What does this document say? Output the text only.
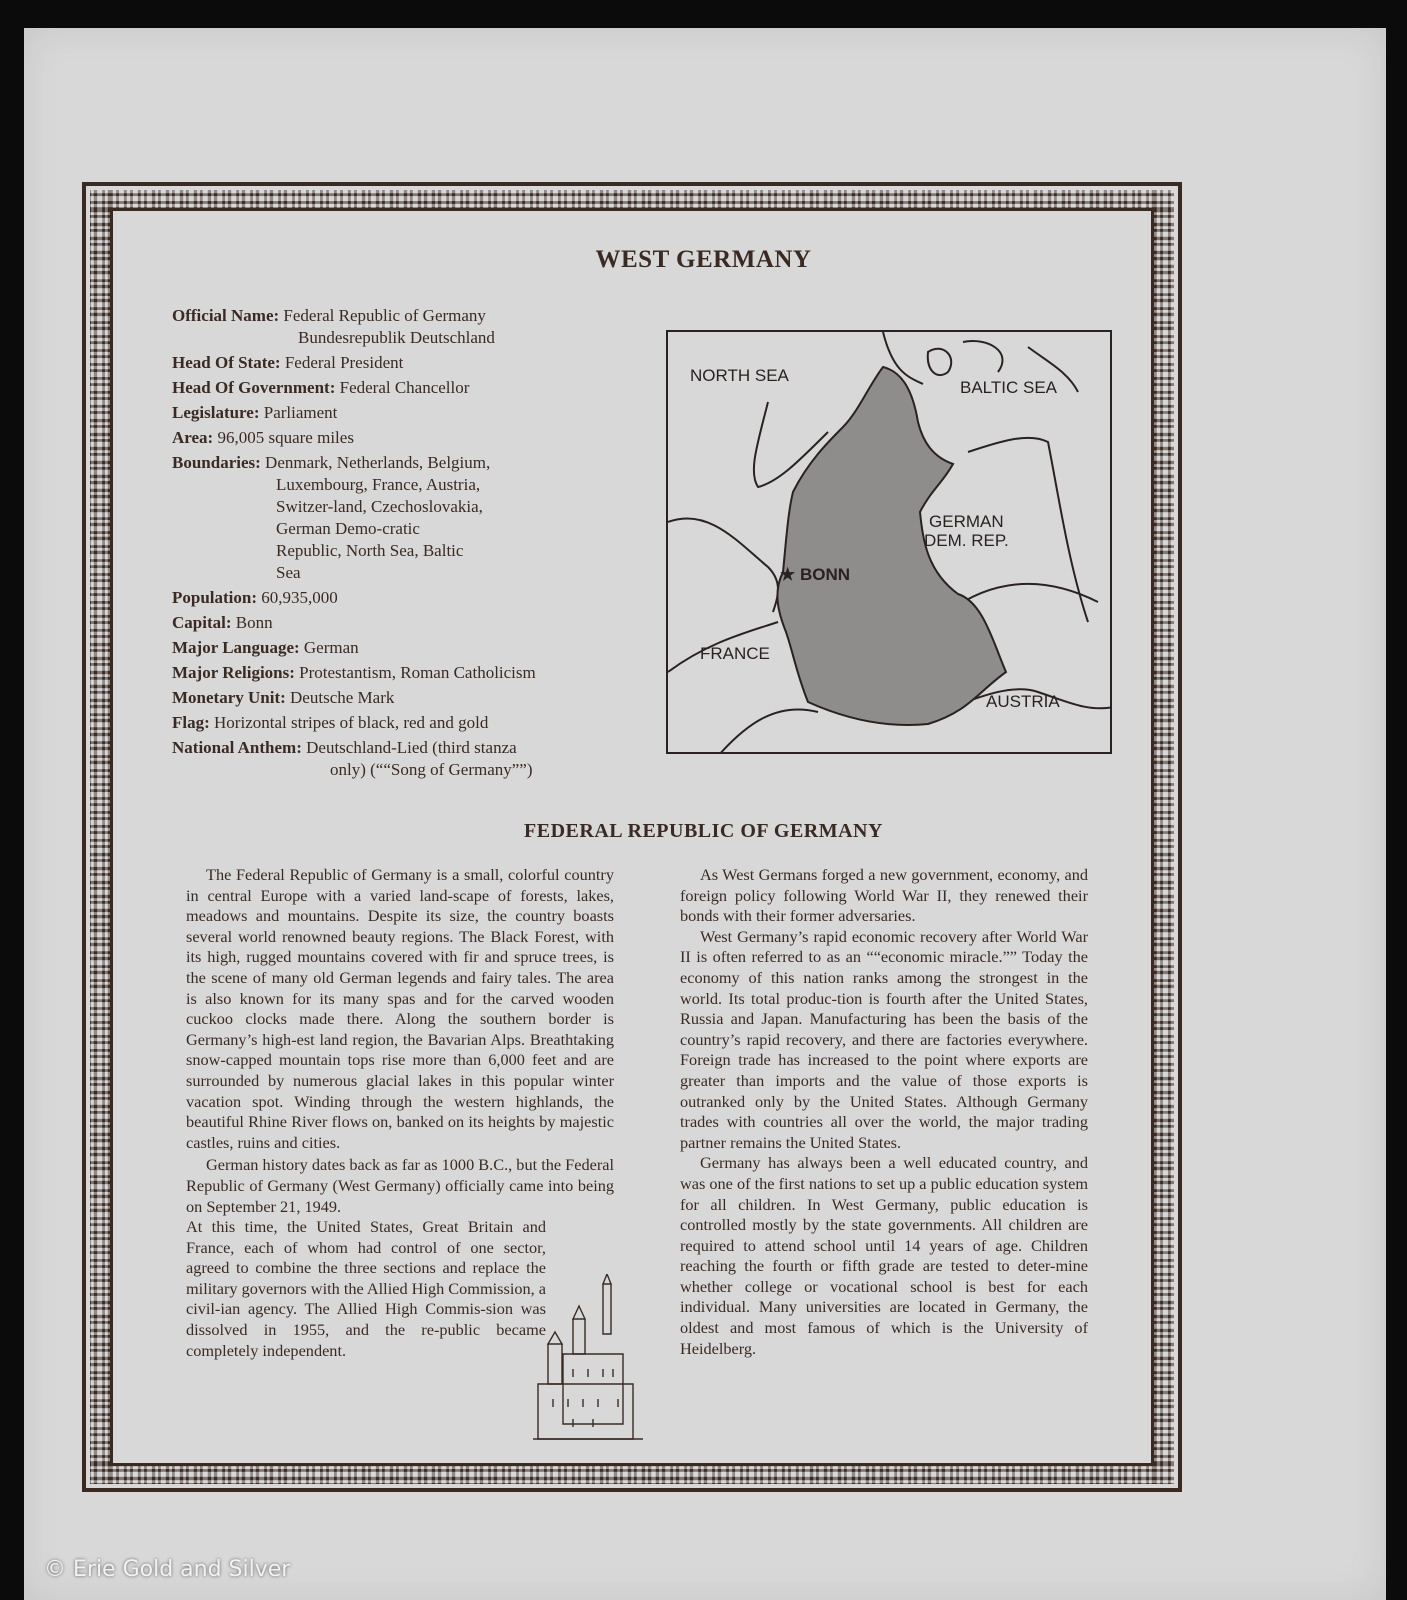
WEST GERMANY
Official Name: Federal Republic of Germany
Bundesrepublik Deutschland
Head Of State: Federal President
Head Of Government: Federal Chancellor
Legislature: Parliament
Area: 96,005 square miles
Boundaries: Denmark, Netherlands, Belgium,
Luxembourg, France, Austria, Switzer-land, Czechoslovakia, German Demo-cratic Republic, North Sea, Baltic Sea
Population: 60,935,000
Capital: Bonn
Major Language: German
Major Religions: Protestantism, Roman Catholicism
Monetary Unit: Deutsche Mark
Flag: Horizontal stripes of black, red and gold
National Anthem: Deutschland-Lied (third stanza
only) (““Song of Germany””)
NORTH SEA
BALTIC SEA
GERMAN
DEM. REP.
★ BONN
FRANCE
AUSTRIA
FEDERAL REPUBLIC OF GERMANY

The Federal Republic of Germany is a small, colorful country in central Europe with a varied land-scape of forests, lakes, meadows and mountains. Despite its size, the country boasts several world renowned beauty regions. The Black Forest, with its high, rugged mountains covered with fir and spruce trees, is the scene of many old German legends and fairy tales. The area is also known for its many spas and for the carved wooden cuckoo clocks made there. Along the southern border is Germany’s high-est land region, the Bavarian Alps. Breathtaking snow-capped mountain tops rise more than 6,000 feet and are surrounded by numerous glacial lakes in this popular winter vacation spot. Winding through the western highlands, the beautiful Rhine River flows on, banked on its heights by majestic castles, ruins and cities.

German history dates back as far as 1000 B.C., but the Federal Republic of Germany (West Germany) officially came into being on September 21, 1949.

At this time, the United States, Great Britain and France, each of whom had control of one sector, agreed to combine the three sections and replace the military governors with the Allied High Commission, a civil-ian agency. The Allied High Commis-sion was dissolved in 1955, and the re-public became completely independent.

As West Germans forged a new government, economy, and foreign policy following World War II, they renewed their bonds with their former adversaries.

West Germany’s rapid economic recovery after World War II is often referred to as an ““economic miracle.”” Today the economy of this nation ranks among the strongest in the world. Its total produc-tion is fourth after the United States, Russia and Japan. Manufacturing has been the basis of the country’s rapid recovery, and there are factories everywhere. Foreign trade has increased to the point where exports are greater than imports and the value of those exports is outranked only by the United States. Although Germany trades with countries all over the world, the major trading partner remains the United States.

Germany has always been a well educated country, and was one of the first nations to set up a public education system for all children. In West Germany, public education is controlled mostly by the state governments. All children are required to attend school until 14 years of age. Children reaching the fourth or fifth grade are tested to deter-mine whether college or vocational school is best for each individual. Many universities are located in Germany, the oldest and most famous of which is the University of Heidelberg.

© Erie Gold and Silver
